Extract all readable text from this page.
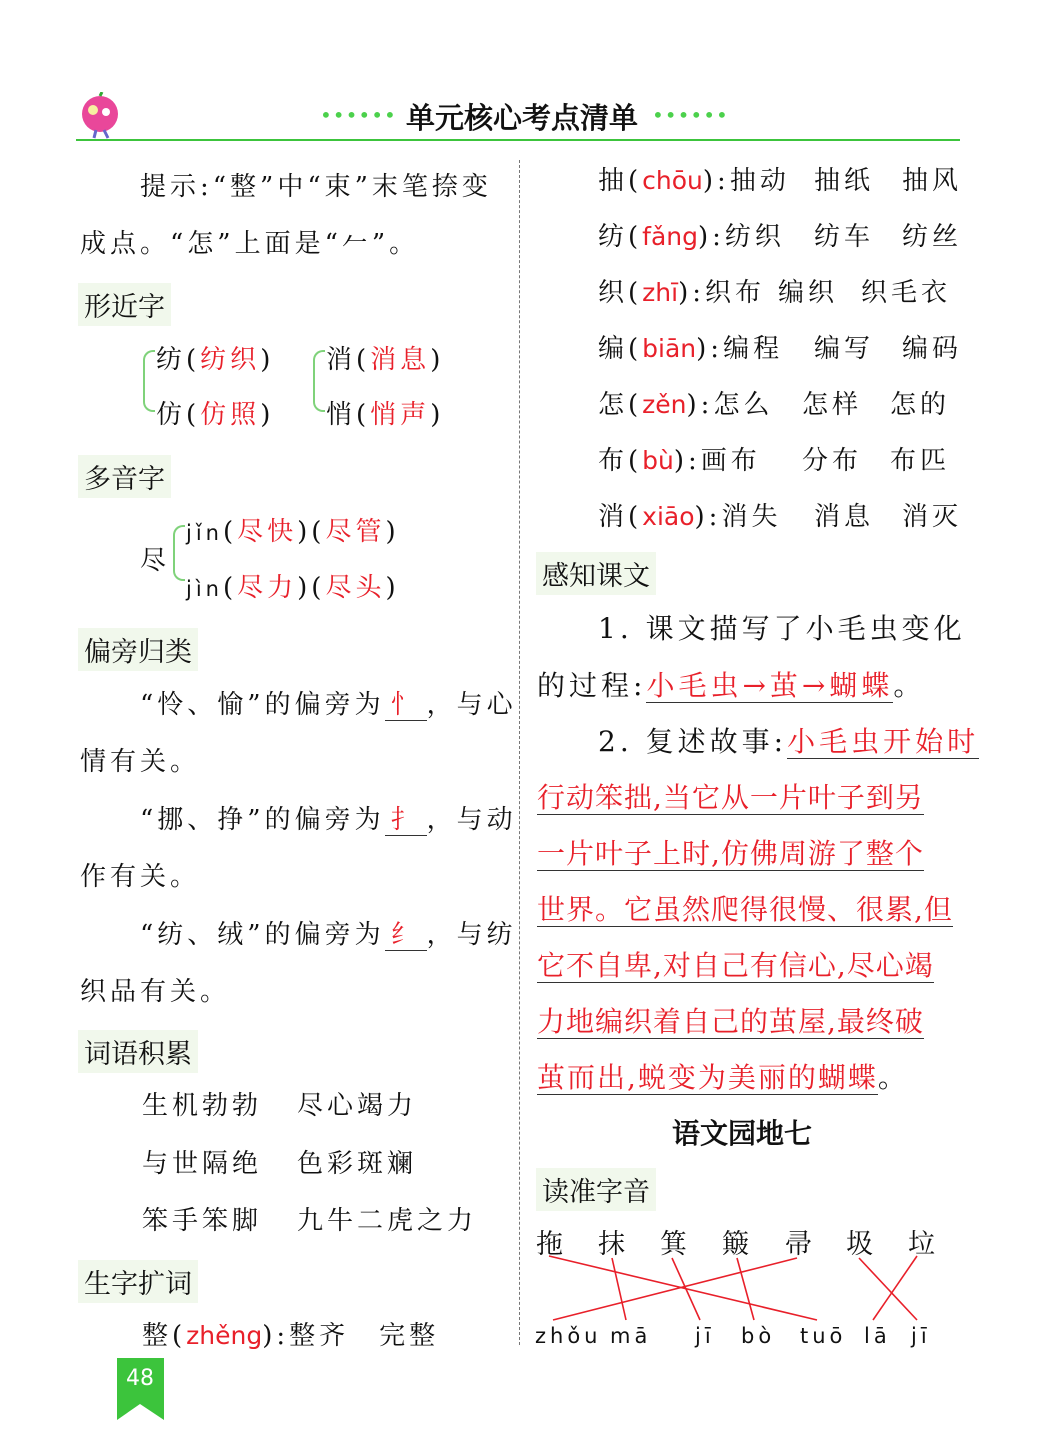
•••••• 单元核心考点清单 ••••••
提示:“整”中“束”末笔捺变
成点。“怎”上面是“𠂉”。
形近字
纺(纺织)
仿(仿照)
消(消息)
悄(悄声)
多音字
尽
jǐn(尽快)(尽管)
jìn(尽力)(尽头)
偏旁归类
“怜、愉”的偏旁为 忄 ，与心
情有关。
“挪、挣”的偏旁为 扌 ，与动
作有关。
“纺、绒”的偏旁为 纟 ，与纺
织品有关。
词语积累
生机勃勃 尽心竭力
与世隔绝 色彩斑斓
笨手笨脚 九牛二虎之力
生字扩词
整(zhěng):整齐　完整
感知课文
1. 课文描写了小毛虫变化
的过程:小毛虫→茧→蝴蝶。
2. 复述故事:小毛虫开始时
语文园地七
读准字音
48
抽(chōu):抽动 抽纸 抽风
纺(fǎng):纺织 纺车 纺丝
织(zhī):织布 编织 织毛衣
编(biān):编程 编写 编码
怎(zěn):怎么 怎样 怎的
布(bù):画布 分布 布匹
消(xiāo):消失 消息 消灭
行动笨拙,当它从一片叶子到另
一片叶子上时,仿佛周游了整个
世界。它虽然爬得很慢、很累,但
它不自卑,对自己有信心,尽心竭
力地编织着自己的茧屋,最终破
茧而出,蜕变为美丽的蝴蝶。
拖 抹 箕 簸 帚 圾 垃
zhǒu mā jī bò tuō lā jī
